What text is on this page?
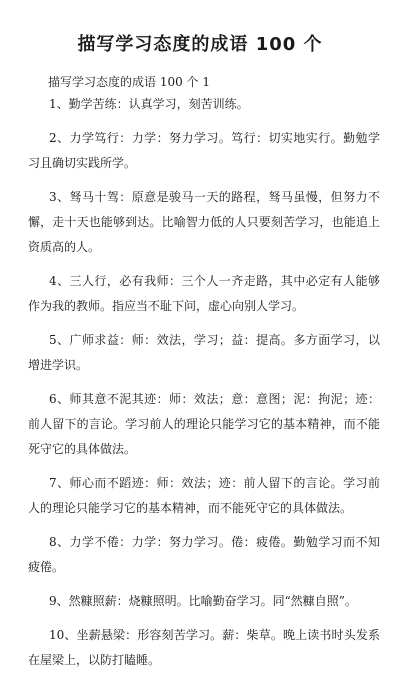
描写学习态度的成语 100 个

描写学习态度的成语 100 个 1

1、勤学苦练：认真学习，刻苦训练。

2、力学笃行：力学：努力学习。笃行：切实地实行。勤勉学习且确切实践所学。

3、驽马十驾：原意是骏马一天的路程，驽马虽慢，但努力不懈，走十天也能够到达。比喻智力低的人只要刻苦学习，也能追上资质高的人。

4、三人行，必有我师：三个人一齐走路，其中必定有人能够作为我的教师。指应当不耻下问，虚心向别人学习。

5、广师求益：师：效法，学习；益：提高。多方面学习，以增进学识。

6、师其意不泥其迹：师：效法；意：意图；泥：拘泥；迹：前人留下的言论。学习前人的理论只能学习它的基本精神，而不能死守它的具体做法。

7、师心而不蹈迹：师：效法；迹：前人留下的言论。学习前人的理论只能学习它的基本精神，而不能死守它的具体做法。

8、力学不倦：力学：努力学习。倦：疲倦。勤勉学习而不知疲倦。

9、然糠照薪：烧糠照明。比喻勤奋学习。同“然糠自照”。

10、坐薪悬梁：形容刻苦学习。薪：柴草。晚上读书时头发系在屋梁上，以防打瞌睡。
